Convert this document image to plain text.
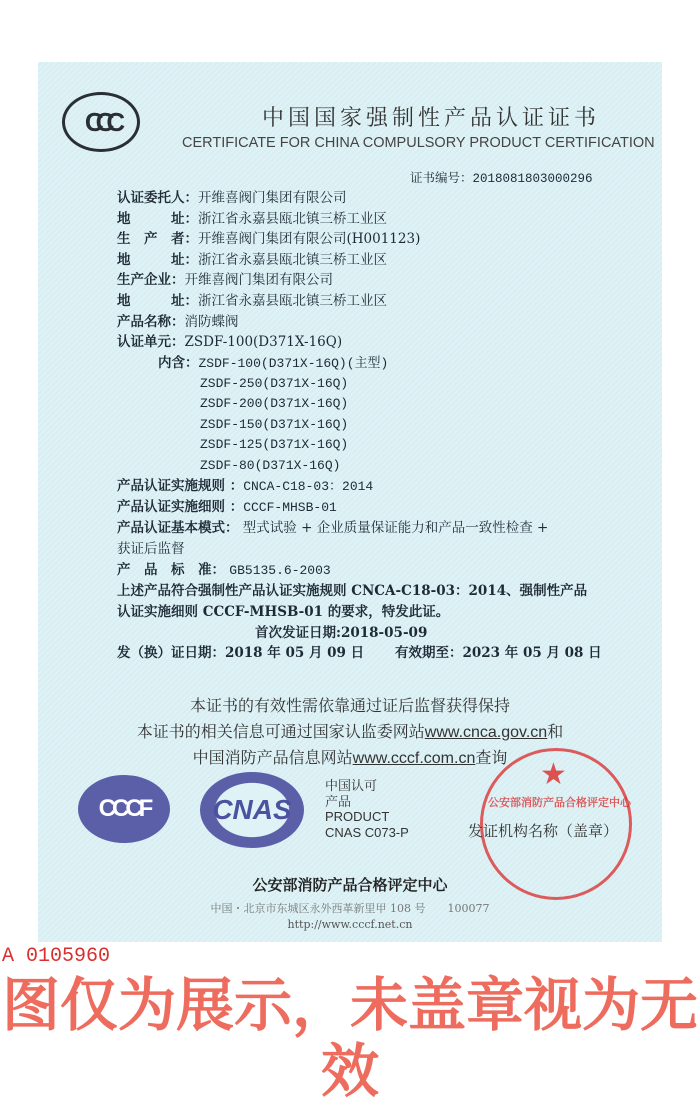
CCC	中国国家强制性产品认证证书
CERTIFICATE FOR CHINA COMPULSORY PRODUCT CERTIFICATION
证书编号：2018081803000296
认证委托人：开维喜阀门集团有限公司
地　　　址：浙江省永嘉县瓯北镇三桥工业区
生　产　者：开维喜阀门集团有限公司(H001123)
地　　　址：浙江省永嘉县瓯北镇三桥工业区
生产企业：开维喜阀门集团有限公司
地　　　址：浙江省永嘉县瓯北镇三桥工业区
产品名称：消防蝶阀
认证单元：ZSDF-100(D371X-16Q)
内含：ZSDF-100(D371X-16Q)(主型)
ZSDF-250(D371X-16Q)
ZSDF-200(D371X-16Q)
ZSDF-150(D371X-16Q)
ZSDF-125(D371X-16Q)
ZSDF-80(D371X-16Q)
产品认证实施规则 ：CNCA-C18-03：2014
产品认证实施细则 ：CCCF-MHSB-01
产品认证基本模式： 型式试验 + 企业质量保证能力和产品一致性检查 +
获证后监督
产　品　标　准： GB5135.6-2003
上述产品符合强制性产品认证实施规则 CNCA-C18-03：2014、强制性产品
认证实施细则 CCCF-MHSB-01 的要求，特发此证。
首次发证日期:2018-05-09
发（换）证日期：2018 年 05 月 09 日 有效期至：2023 年 05 月 08 日
本证书的有效性需依靠通过证后监督获得保持
本证书的相关信息可通过国家认监委网站www.cnca.gov.cn和
中国消防产品信息网站www.cccf.com.cn查询
CCCF	CNAS
中国认可
产品
PRODUCT
CNAS C073-P
★
公安部消防产品合格评定中心
发证机构名称（盖章）
公安部消防产品合格评定中心
中国・北京市东城区永外西革新里甲 108 号　　100077
http://www.cccf.net.cn
A 0105960
图仅为展示，未盖章视为无效
